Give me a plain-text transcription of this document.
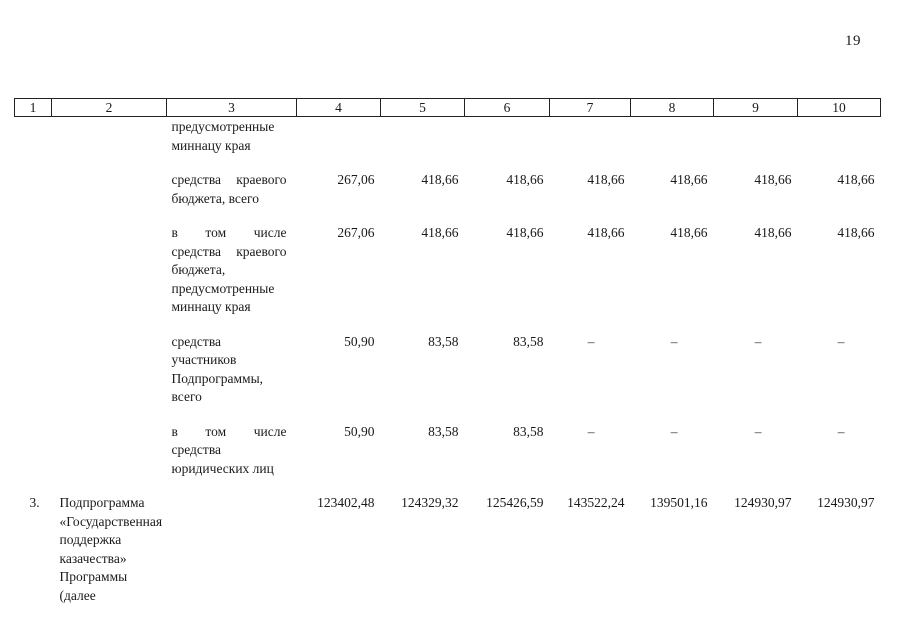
19
1	2	3	4	5	6	7	8	9	10
		предусмотренные миннацу края							
		средства краевого бюджета, всего	267,06	418,66	418,66	418,66	418,66	418,66	418,66
		в том числе средства краевого бюджета, предусмотренные миннацу края	267,06	418,66	418,66	418,66	418,66	418,66	418,66
		средства участников Подпрограммы, всего	50,90	83,58	83,58	–	–	–	–
		в том числе средства юридических лиц	50,90	83,58	83,58	–	–	–	–
3.	Подпрограмма «Государственная поддержка казачества» Программы (далее		123402,48	124329,32	125426,59	143522,24	139501,16	124930,97	124930,97
